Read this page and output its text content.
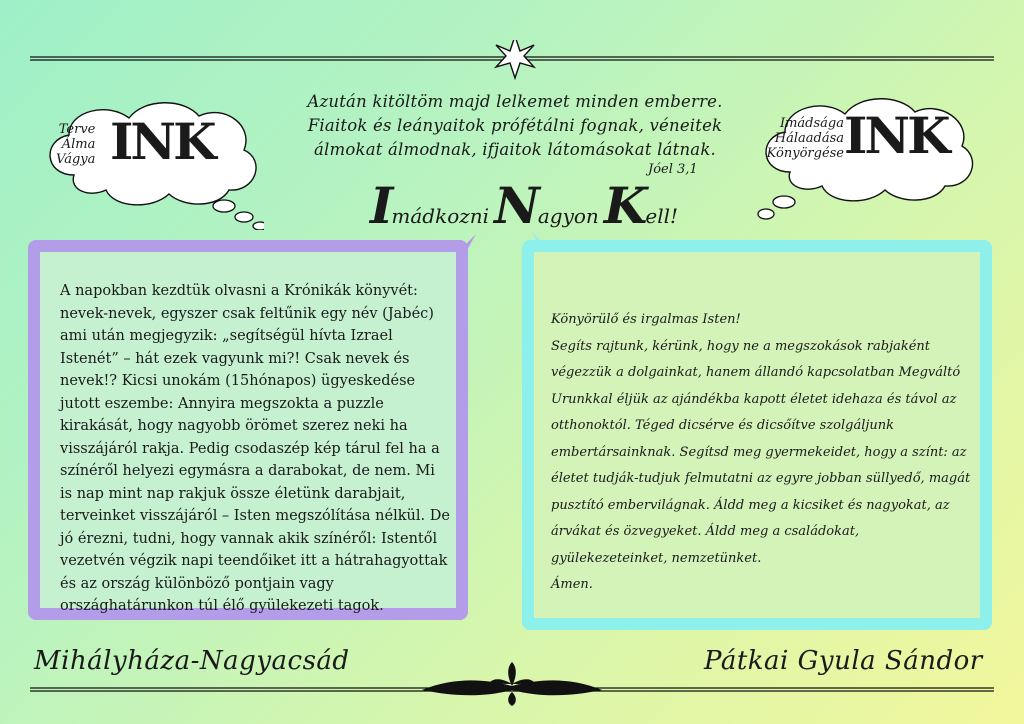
Terve
Álma
Vágya INK	Imádsága
Hálaadása
Könyörgése INK
Azután kitöltöm majd lelkemet minden emberre.
Fiaitok és leányaitok prófétálni fognak, véneitek
álmokat álmodnak, ifjaitok látomásokat látnak.
Jóel 3,1
Imádkozni Nagyon Kell!
A napokban kezdtük olvasni a Krónikák könyvét: nevek-nevek, egyszer csak feltűnik egy név (Jabéc) ami után megjegyzik: „segítségül hívta Izrael Istenét” – hát ezek vagyunk mi?! Csak nevek és nevek!? Kicsi unokám (15hónapos) ügyeskedése jutott eszembe: Annyira megszokta a puzzle kirakását, hogy nagyobb örömet szerez neki ha visszájáról rakja. Pedig csodaszép kép tárul fel ha a színéről helyezi egymásra a darabokat, de nem. Mi is nap mint nap rakjuk össze életünk darabjait, terveinket visszájáról – Isten megszólítása nélkül. De jó érezni, tudni, hogy vannak akik színéről: Istentől vezetvén végzik napi teendőiket itt a hátrahagyottak és az ország különböző pontjain vagy országhatárunkon túl élő gyülekezeti tagok.

Könyörülő és irgalmas Isten!

Segíts rajtunk, kérünk, hogy ne a megszokások rabjaként végezzük a dolgainkat, hanem állandó kapcsolatban Megváltó Urunkkal éljük az ajándékba kapott életet idehaza és távol az otthonoktól. Téged dicsérve és dicsőítve szolgáljunk embertársainknak. Segítsd meg gyermekeidet, hogy a színt: az életet tudják-tudjuk felmutatni az egyre jobban süllyedő, magát pusztító embervilágnak. Áldd meg a kicsiket és nagyokat, az árvákat és özvegyeket. Áldd meg a családokat, gyülekezeteinket, nemzetünket.

Ámen.

Mihályháza-Nagyacsád	Pátkai Gyula Sándor
